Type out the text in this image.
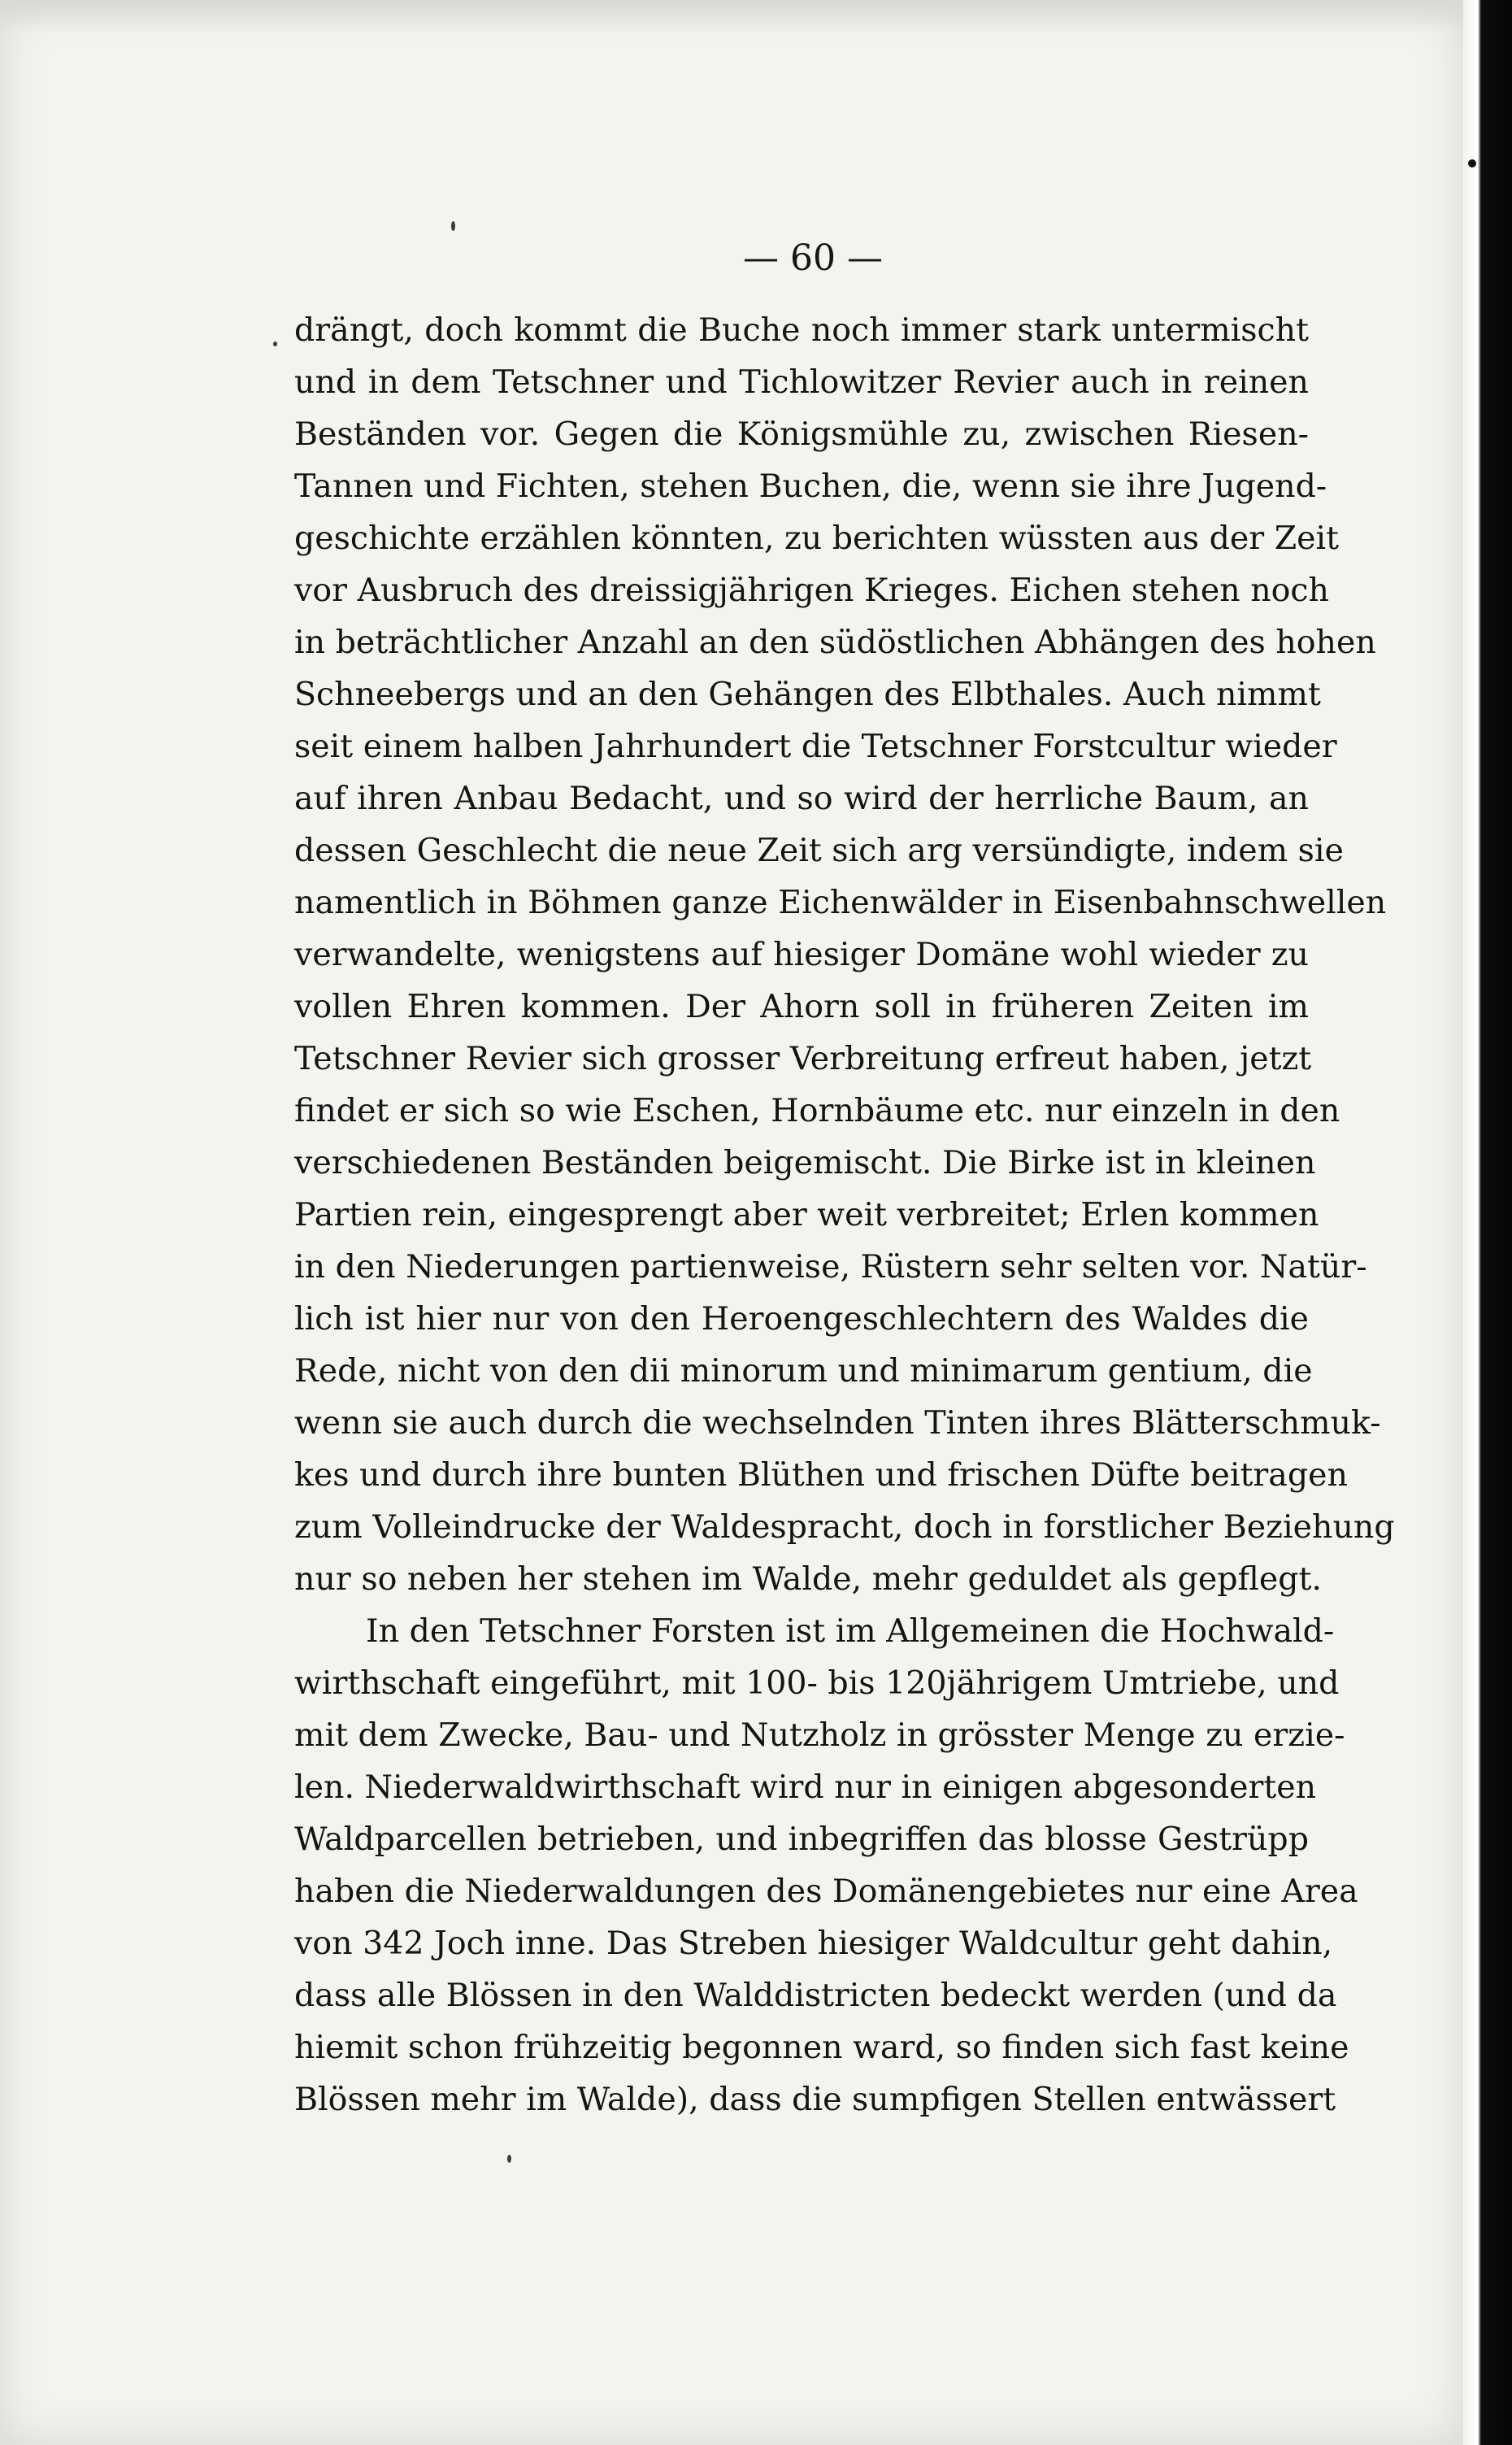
— 60 —
drängt, doch kommt die Buche noch immer stark untermischt
und in dem Tetschner und Tichlowitzer Revier auch in reinen
Beständen vor. Gegen die Königsmühle zu, zwischen Riesen-
Tannen und Fichten, stehen Buchen, die, wenn sie ihre Jugend-
geschichte erzählen könnten, zu berichten wüssten aus der Zeit
vor Ausbruch des dreissigjährigen Krieges. Eichen stehen noch
in beträchtlicher Anzahl an den südöstlichen Abhängen des hohen
Schneebergs und an den Gehängen des Elbthales. Auch nimmt
seit einem halben Jahrhundert die Tetschner Forstcultur wieder
auf ihren Anbau Bedacht, und so wird der herrliche Baum, an
dessen Geschlecht die neue Zeit sich arg versündigte, indem sie
namentlich in Böhmen ganze Eichenwälder in Eisenbahnschwellen
verwandelte, wenigstens auf hiesiger Domäne wohl wieder zu
vollen Ehren kommen. Der Ahorn soll in früheren Zeiten im
Tetschner Revier sich grosser Verbreitung erfreut haben, jetzt
findet er sich so wie Eschen, Hornbäume etc. nur einzeln in den
verschiedenen Beständen beigemischt. Die Birke ist in kleinen
Partien rein, eingesprengt aber weit verbreitet; Erlen kommen
in den Niederungen partienweise, Rüstern sehr selten vor. Natür-
lich ist hier nur von den Heroengeschlechtern des Waldes die
Rede, nicht von den dii minorum und minimarum gentium, die
wenn sie auch durch die wechselnden Tinten ihres Blätterschmuk-
kes und durch ihre bunten Blüthen und frischen Düfte beitragen
zum Volleindrucke der Waldespracht, doch in forstlicher Beziehung
nur so neben her stehen im Walde, mehr geduldet als gepflegt.
In den Tetschner Forsten ist im Allgemeinen die Hochwald-
wirthschaft eingeführt, mit 100- bis 120jährigem Umtriebe, und
mit dem Zwecke, Bau- und Nutzholz in grösster Menge zu erzie-
len. Niederwaldwirthschaft wird nur in einigen abgesonderten
Waldparcellen betrieben, und inbegriffen das blosse Gestrüpp
haben die Niederwaldungen des Domänengebietes nur eine Area
von 342 Joch inne. Das Streben hiesiger Waldcultur geht dahin,
dass alle Blössen in den Walddistricten bedeckt werden (und da
hiemit schon frühzeitig begonnen ward, so finden sich fast keine
Blössen mehr im Walde), dass die sumpfigen Stellen entwässert
